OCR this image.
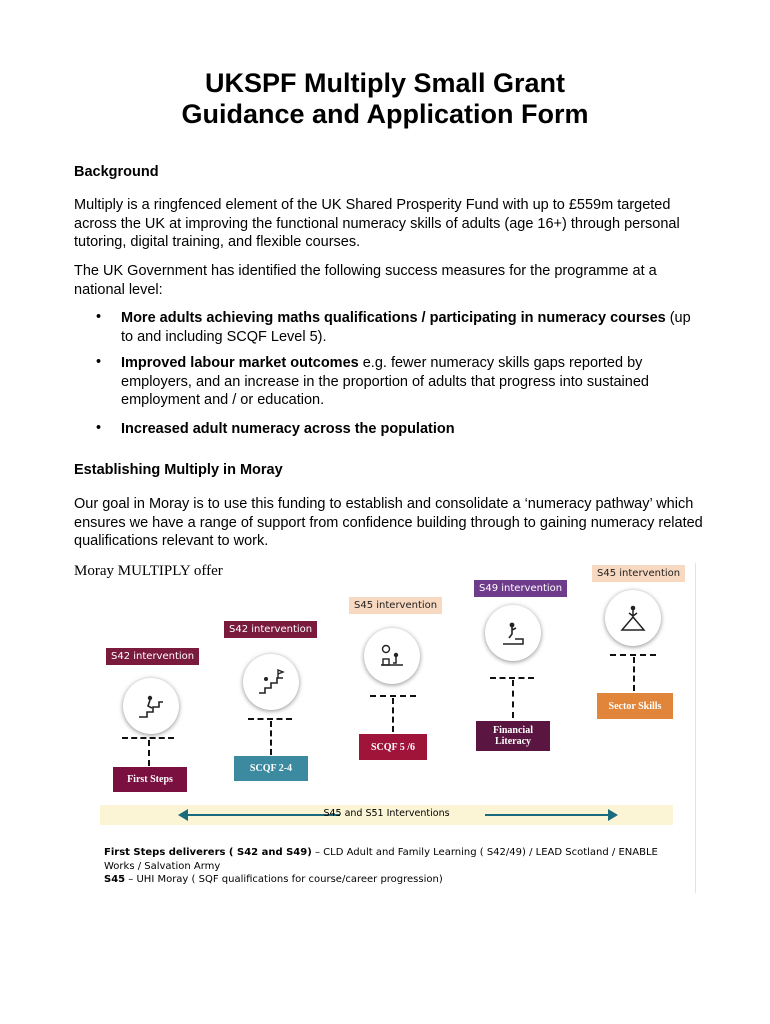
UKSPF Multiply Small Grant
Guidance and Application Form
Background
Multiply is a ringfenced element of the UK Shared Prosperity Fund with up to £559m targeted across the UK at improving the functional numeracy skills of adults (age 16+) through personal tutoring, digital training, and flexible courses.
The UK Government has identified the following success measures for the programme at a national level:
• More adults achieving maths qualifications / participating in numeracy courses (up to and including SCQF Level 5).
• Improved labour market outcomes e.g. fewer numeracy skills gaps reported by employers, and an increase in the proportion of adults that progress into sustained employment and / or education.
• Increased adult numeracy across the population
Establishing Multiply in Moray
Our goal in Moray is to use this funding to establish and consolidate a ‘numeracy pathway’ which ensures we have a range of support from confidence building through to gaining numeracy related qualifications relevant to work.
Moray MULTIPLY offer
S42 intervention
First Steps
S42 intervention
SCQF 2-4
S45 intervention
SCQF 5 /6
S49 intervention
Financial Literacy
S45 intervention
Sector Skills
S45 and S51 Interventions
First Steps deliverers ( S42 and S49) – CLD Adult and Family Learning ( S42/49) / LEAD Scotland / ENABLE Works / Salvation Army
S45 – UHI Moray ( SQF qualifications for course/career progression)
